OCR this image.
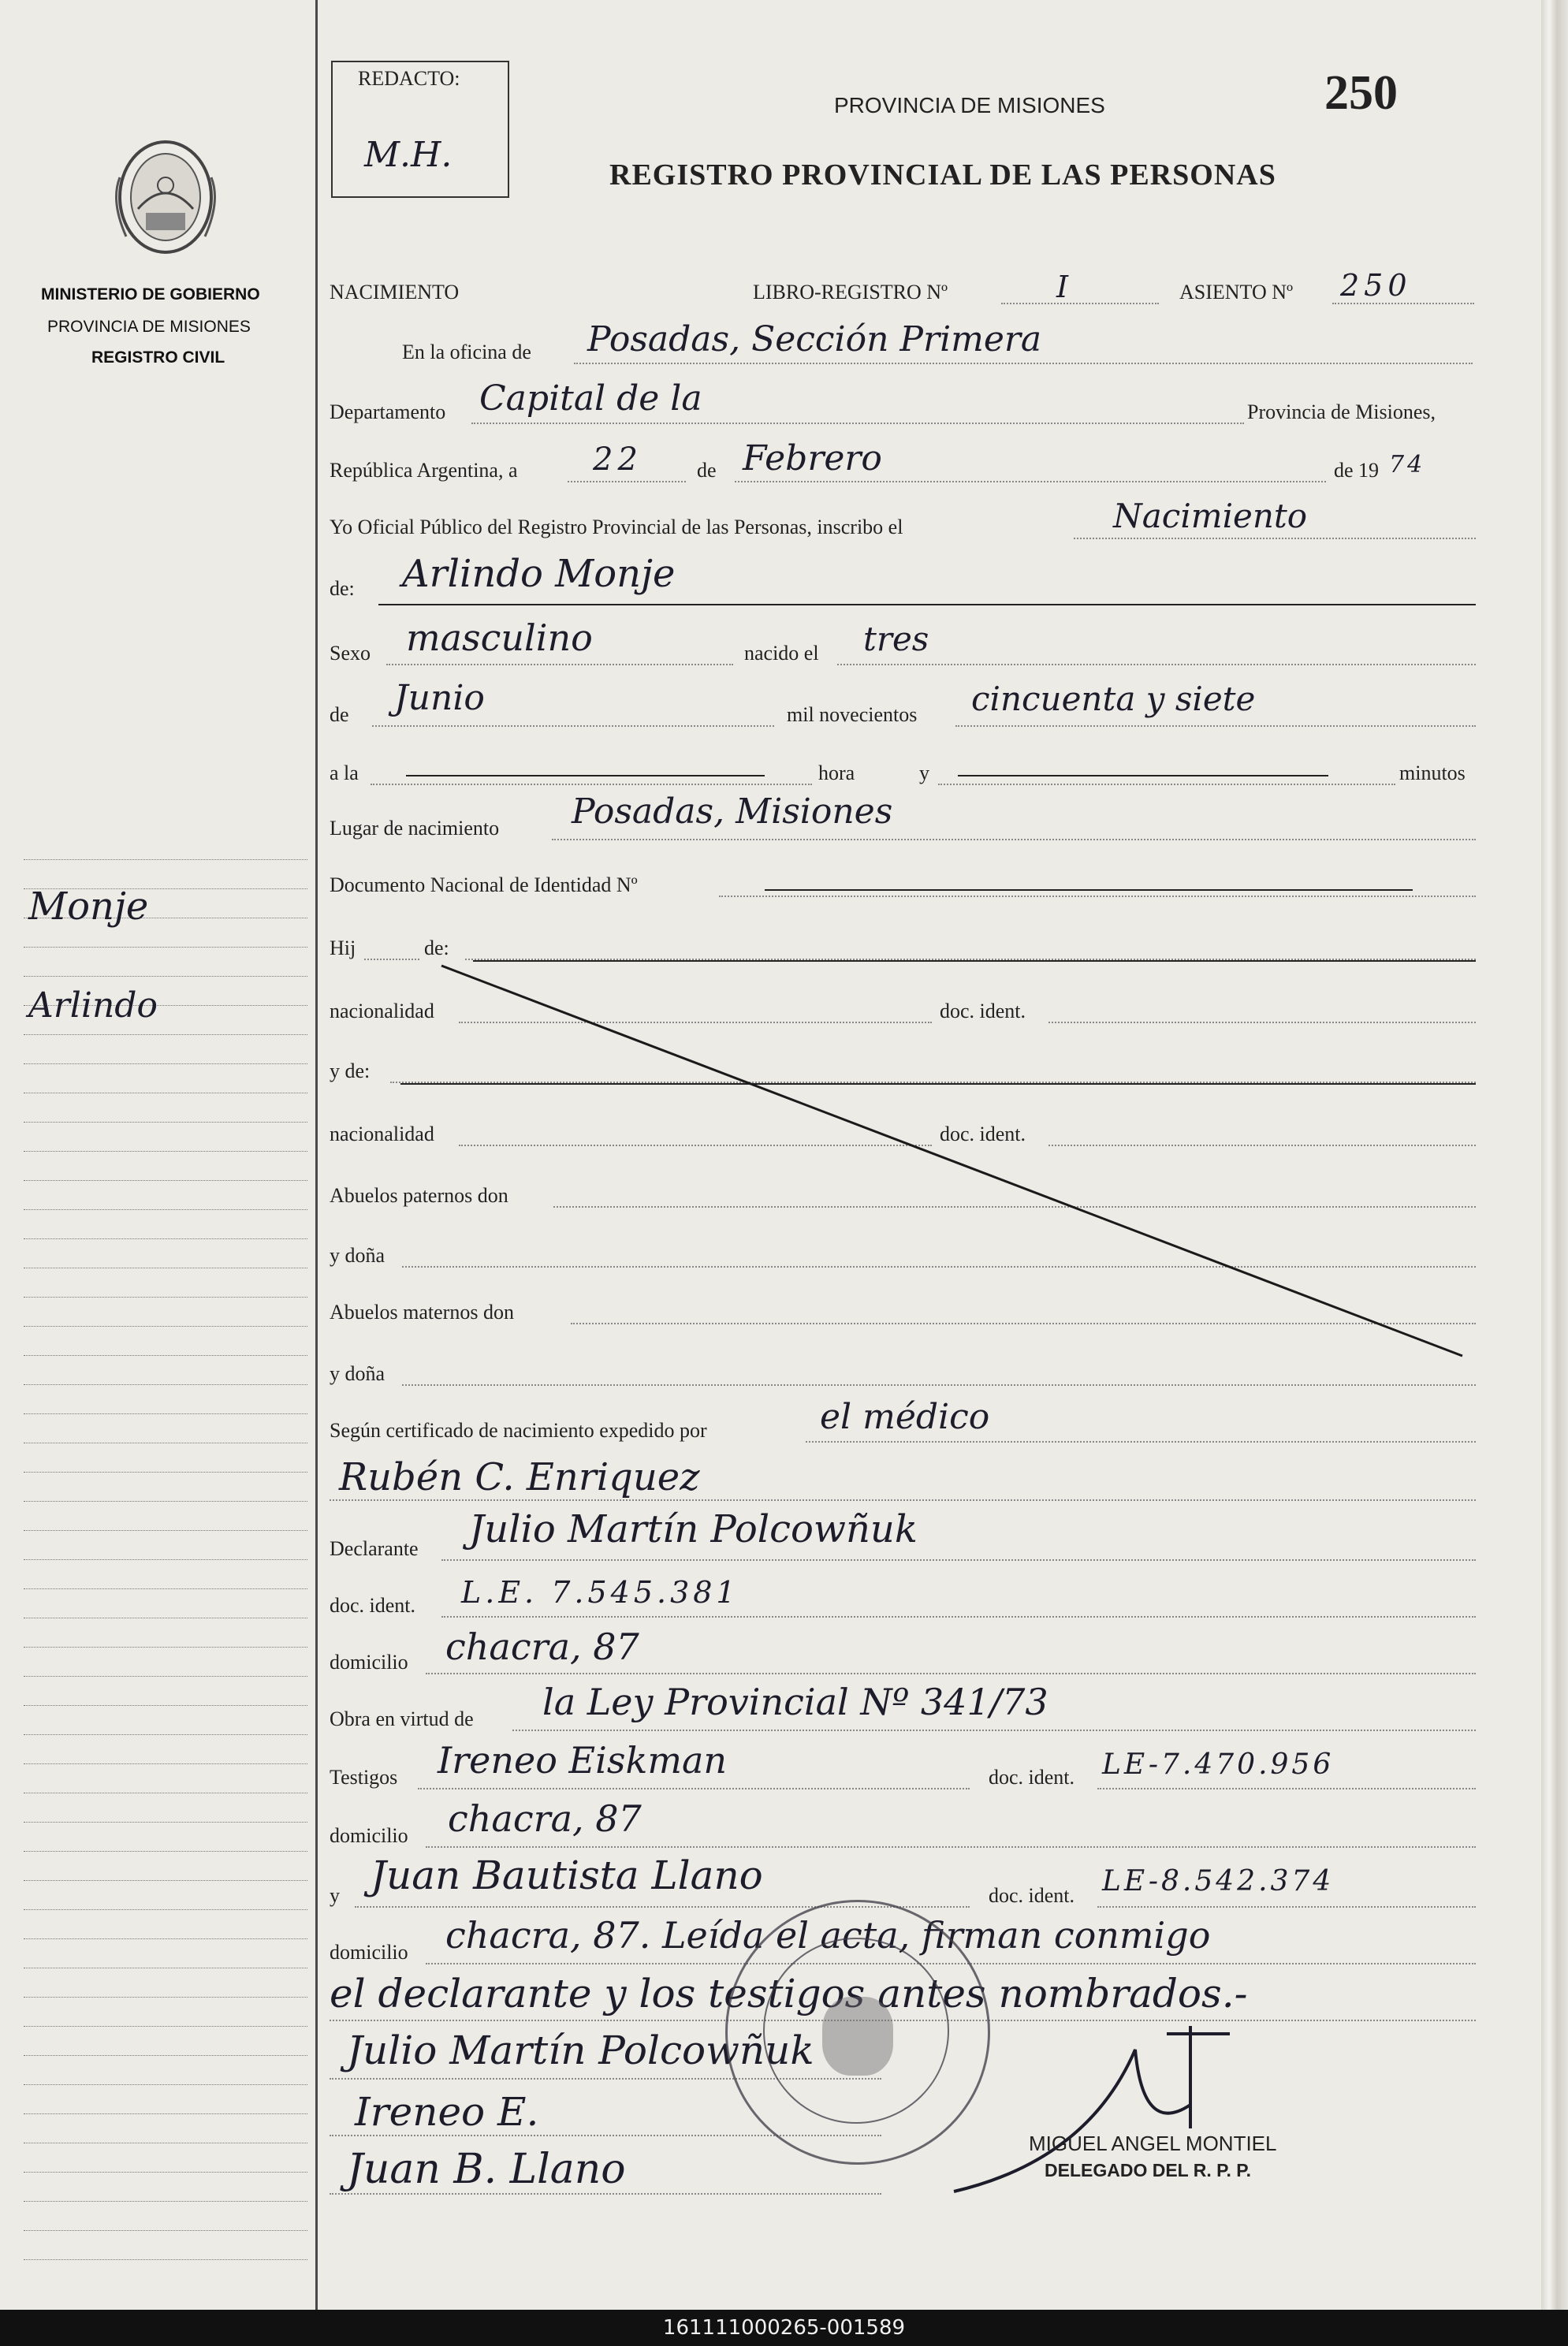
MINISTERIO DE GOBIERNO
PROVINCIA DE MISIONES
REGISTRO CIVIL
Monje
Arlindo
REDACTO:
M.H.
250
PROVINCIA DE MISIONES
REGISTRO PROVINCIAL DE LAS PERSONAS
NACIMIENTO	LIBRO-REGISTRO Nº	I	ASIENTO Nº 250
En la oficina de Posadas, Sección Primera
Departamento Capital de la	Provincia de Misiones,
República Argentina, a 22	de Febrero	de 19 74
Yo Oficial Público del Registro Provincial de las Personas, inscribo el	Nacimiento
de: Arlindo Monje
Sexo masculino	nacido el tres
de Junio	mil novecientos cincuenta y siete
a la	hora	y	minutos
Lugar de nacimiento Posadas, Misiones
Documento Nacional de Identidad Nº
Hij	de:
nacionalidad	doc. ident.
y de:
nacionalidad	doc. ident.
Abuelos paternos don
y doña
Abuelos maternos don
y doña
Según certificado de nacimiento expedido por	el médico
Rubén C. Enriquez
Declarante Julio Martín Polcowñuk
doc. ident. L.E. 7.545.381
domicilio chacra, 87
Obra en virtud de la Ley Provincial Nº 341/73
Testigos Ireneo Eiskman	doc. ident. LE-7.470.956
domicilio chacra, 87
y Juan Bautista Llano	doc. ident. LE-8.542.374
domicilio chacra, 87. Leída el acta, firman conmigo
el declarante y los testigos antes nombrados.-
Julio Martín Polcowñuk
Ireneo E.
Juan B. Llano
MIGUEL ANGEL MONTIEL
DELEGADO DEL R. P. P.
161111000265-001589
